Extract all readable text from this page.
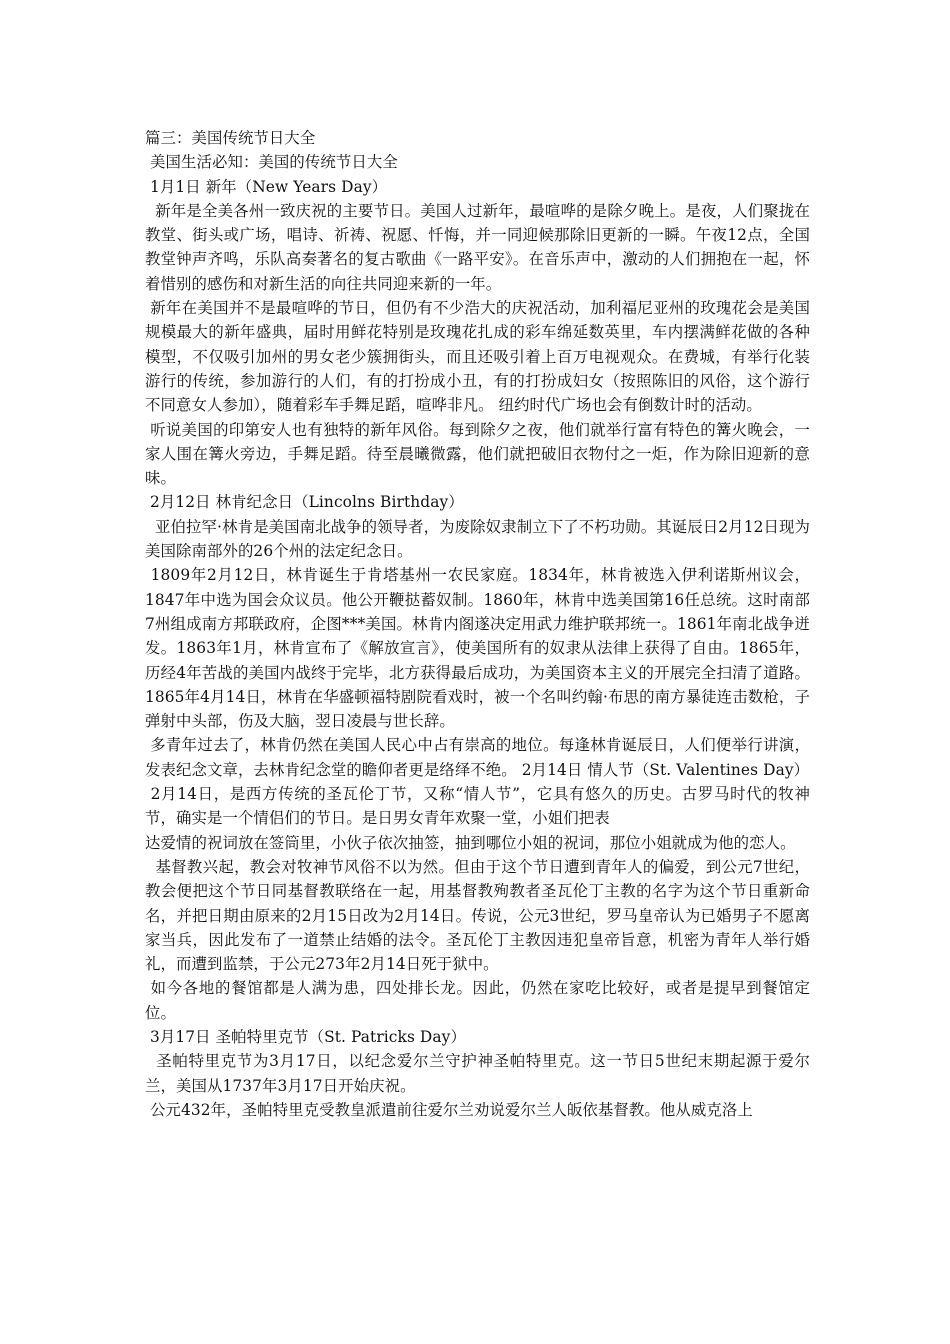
篇三：美国传统节日大全

美国生活必知：美国的传统节日大全

1月1日 新年（New Years Day）

新年是全美各州一致庆祝的主要节日。美国人过新年，最喧哗的是除夕晚上。是夜，人们聚拢在教堂、街头或广场，唱诗、祈祷、祝愿、忏悔，并一同迎候那除旧更新的一瞬。午夜12点，全国教堂钟声齐鸣，乐队高奏著名的复古歌曲《一路平安》。在音乐声中，激动的人们拥抱在一起，怀着惜别的感伤和对新生活的向往共同迎来新的一年。

新年在美国并不是最喧哗的节日，但仍有不少浩大的庆祝活动，加利福尼亚州的玫瑰花会是美国规模最大的新年盛典，届时用鲜花特别是玫瑰花扎成的彩车绵延数英里，车内摆满鲜花做的各种模型，不仅吸引加州的男女老少簇拥街头，而且还吸引着上百万电视观众。在费城，有举行化装游行的传统，参加游行的人们，有的打扮成小丑，有的打扮成妇女（按照陈旧的风俗，这个游行不同意女人参加），随着彩车手舞足蹈，喧哗非凡。 纽约时代广场也会有倒数计时的活动。

听说美国的印第安人也有独特的新年风俗。每到除夕之夜，他们就举行富有特色的篝火晚会，一家人围在篝火旁边，手舞足蹈。待至晨曦微露，他们就把破旧衣物付之一炬，作为除旧迎新的意味。

2月12日 林肯纪念日（Lincolns Birthday）

亚伯拉罕·林肯是美国南北战争的领导者，为废除奴隶制立下了不朽功勋。其诞辰日2月12日现为美国除南部外的26个州的法定纪念日。

1809年2月12日，林肯诞生于肯塔基州一农民家庭。1834年，林肯被选入伊利诺斯州议会，1847年中选为国会众议员。他公开鞭挞蓄奴制。1860年，林肯中选美国第16任总统。这时南部7州组成南方邦联政府，企图***美国。林肯内阁遂决定用武力维护联邦统一。1861年南北战争迸发。1863年1月，林肯宣布了《解放宣言》，使美国所有的奴隶从法律上获得了自由。1865年，历经4年苦战的美国内战终于完毕，北方获得最后成功，为美国资本主义的开展完全扫清了道路。1865年4月14日，林肯在华盛顿福特剧院看戏时，被一个名叫约翰·布思的南方暴徒连击数枪，子弹射中头部，伤及大脑，翌日凌晨与世长辞。

多青年过去了，林肯仍然在美国人民心中占有崇高的地位。每逢林肯诞辰日，人们便举行讲演，发表纪念文章，去林肯纪念堂的瞻仰者更是络绎不绝。 2月14日 情人节（St. Valentines Day）

2月14日，是西方传统的圣瓦伦丁节，又称“情人节”，它具有悠久的历史。古罗马时代的牧神节，确实是一个情侣们的节日。是日男女青年欢聚一堂，小姐们把表

达爱情的祝词放在签筒里，小伙子依次抽签，抽到哪位小姐的祝词，那位小姐就成为他的恋人。

基督教兴起，教会对牧神节风俗不以为然。但由于这个节日遭到青年人的偏爱，到公元7世纪，教会便把这个节日同基督教联络在一起，用基督教殉教者圣瓦伦丁主教的名字为这个节日重新命名，并把日期由原来的2月15日改为2月14日。传说，公元3世纪，罗马皇帝认为已婚男子不愿离家当兵，因此发布了一道禁止结婚的法令。圣瓦伦丁主教因违犯皇帝旨意，机密为青年人举行婚礼，而遭到监禁，于公元273年2月14日死于狱中。

如今各地的餐馆都是人满为患，四处排长龙。因此，仍然在家吃比较好，或者是提早到餐馆定位。

3月17日 圣帕特里克节（St. Patricks Day）

圣帕特里克节为3月17日，以纪念爱尔兰守护神圣帕特里克。这一节日5世纪末期起源于爱尔兰，美国从1737年3月17日开始庆祝。

公元432年，圣帕特里克受教皇派遣前往爱尔兰劝说爱尔兰人皈依基督教。他从威克洛上
